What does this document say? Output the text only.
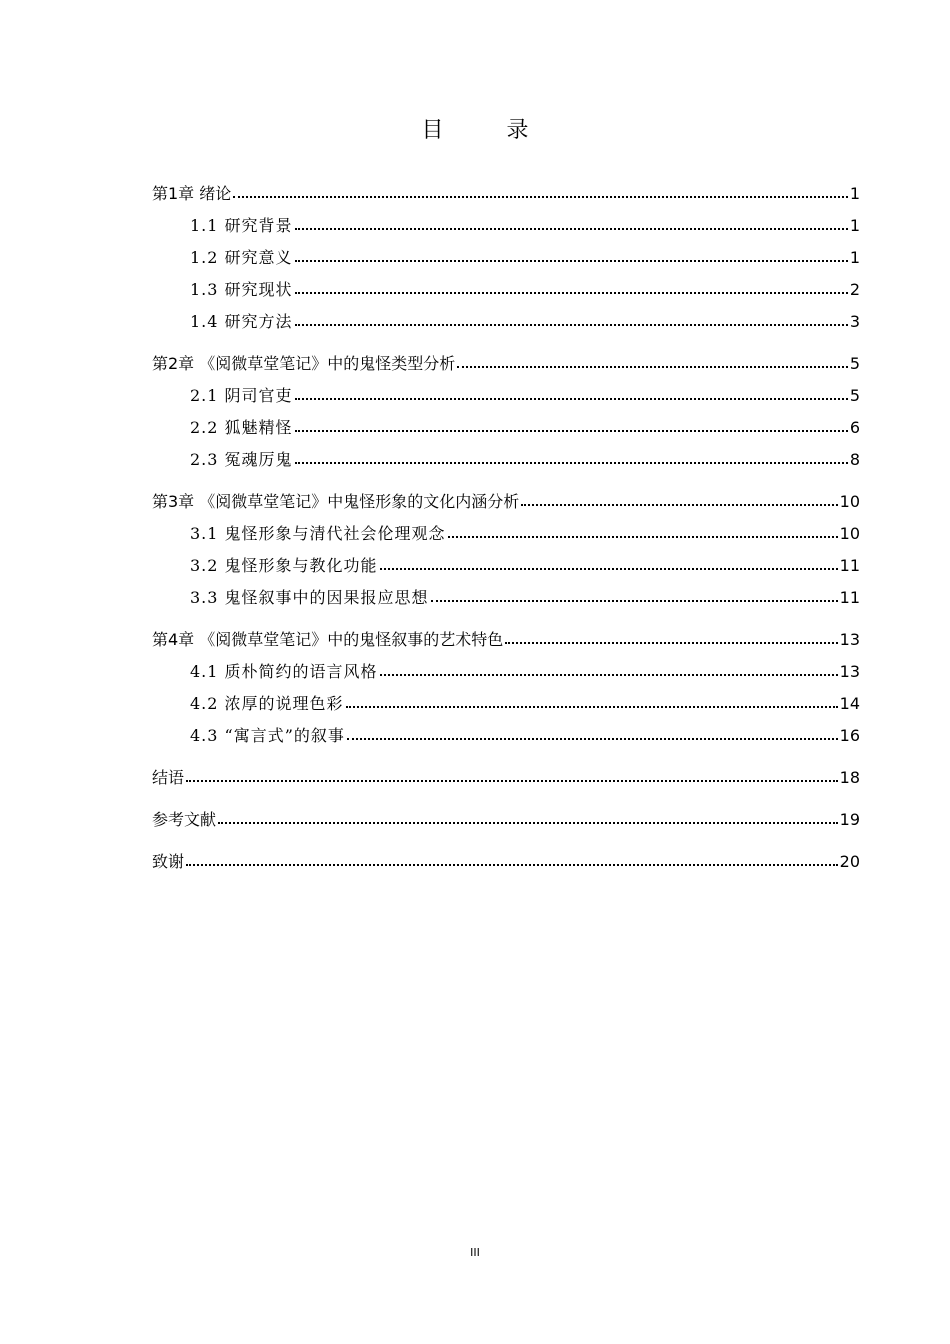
目 录
第1章 绪论	1
1.1 研究背景	1
1.2 研究意义	1
1.3 研究现状	2
1.4 研究方法	3
第2章 《阅微草堂笔记》中的鬼怪类型分析	5
2.1 阴司官吏	5
2.2 狐魅精怪	6
2.3 冤魂厉鬼	8
第3章 《阅微草堂笔记》中鬼怪形象的文化内涵分析	10
3.1 鬼怪形象与清代社会伦理观念	10
3.2 鬼怪形象与教化功能	11
3.3 鬼怪叙事中的因果报应思想	11
第4章 《阅微草堂笔记》中的鬼怪叙事的艺术特色	13
4.1 质朴简约的语言风格	13
4.2 浓厚的说理色彩	14
4.3 “寓言式”的叙事	16
结语	18
参考文献	19
致谢	20
III
